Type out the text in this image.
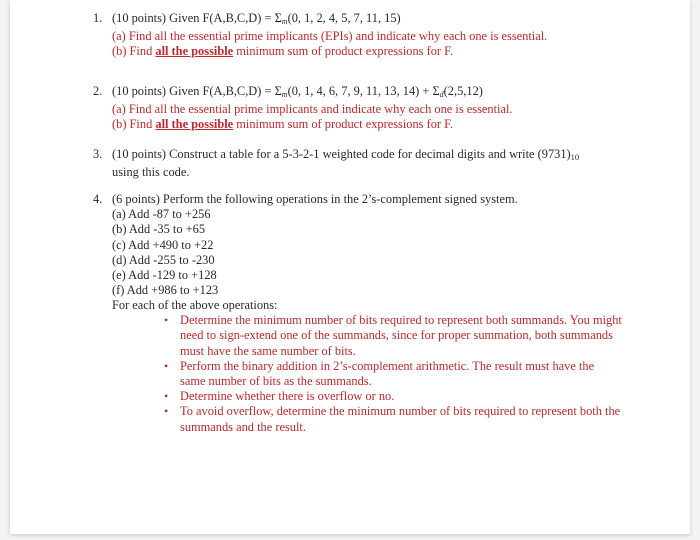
1. (10 points) Given $F(A,B,C,D) = \Sigma_m(0$, 1, 2, 4, 5, 7, 11, 15)
(a) Find all the essential prime implicants (EPIs) and indicate why each one is essential.
(b) Find all the possible minimum sum of product expressions for F.
2. (10 points) Given $F(A,B,C,D) = \Sigma_m(0$, 1, 4, 6, 7, 9, 11, 13, $14) + \Sigma_d(2,5,12)$
(a) Find all the essential prime implicants and indicate why each one is essential.
(b) Find all the possible minimum sum of product expressions for F.
3. (10 points) Construct a table for a 5-3-2-1 weighted code for decimal digits and write (9731)10
using this code.
4. (6 points) Perform the following operations in the 2’s-complement signed system.
(a) Add -87 to +256
(b) Add -35 to +65
(c) Add +490 to +22
(d) Add -255 to -230
(e) Add -129 to +128
(f) Add +986 to +123
For each of the above operations:
• Determine the minimum number of bits required to represent both summands. You might need to sign-extend one of the summands, since for proper summation, both summands must have the same number of bits.
• Perform the binary addition in 2’s-complement arithmetic. The result must have the same number of bits as the summands.
• Determine whether there is overflow or no.
• To avoid overflow, determine the minimum number of bits required to represent both the summands and the result.
